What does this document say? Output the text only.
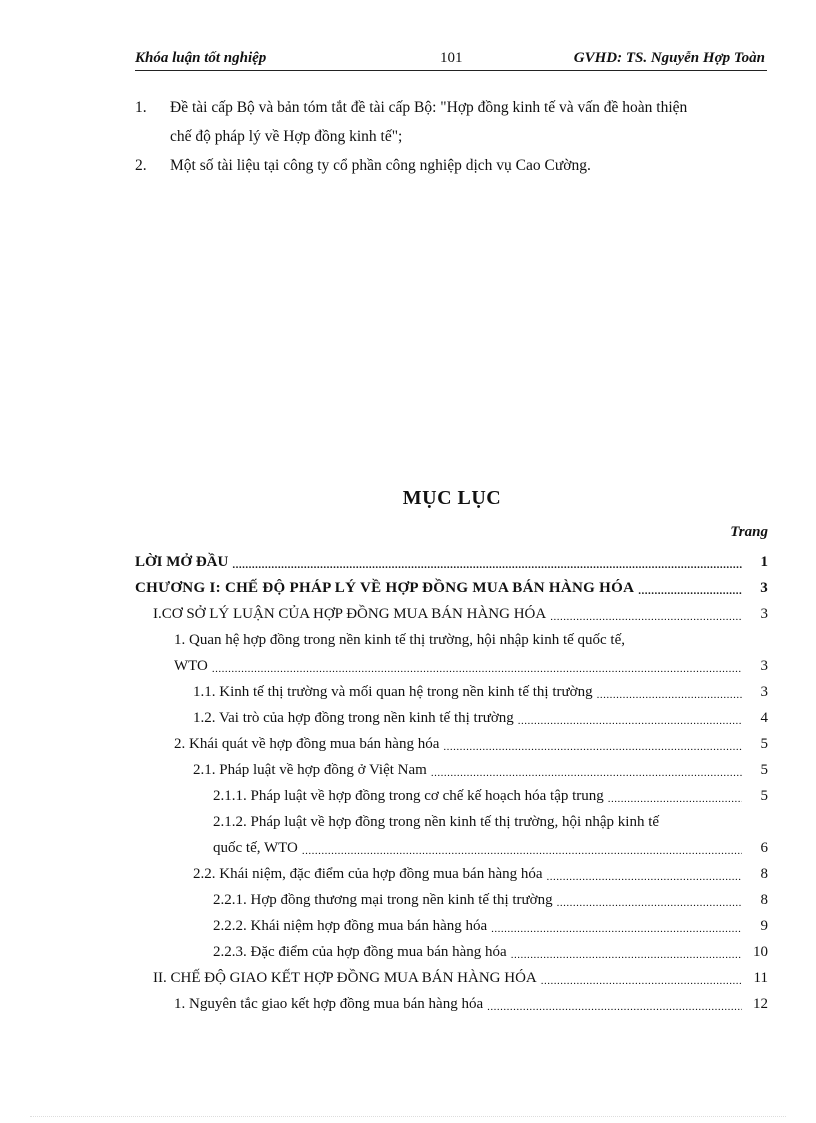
Khóa luận tốt nghiệp	101	GVHD: TS. Nguyễn Hợp Toàn
1. Đề tài cấp Bộ và bản tóm tắt đề tài cấp Bộ: "Hợp đồng kinh tế và vấn đề hoàn thiện
chế độ pháp lý về Hợp đồng kinh tế";
2. Một số tài liệu tại công ty cổ phần công nghiệp dịch vụ Cao Cường.
MỤC LỤC
Trang
LỜI MỞ ĐẦU .....	1
CHƯƠNG I: CHẾ ĐỘ PHÁP LÝ VỀ HỢP ĐỒNG MUA BÁN HÀNG HÓA .....	3
I.CƠ SỞ LÝ LUẬN CỦA HỢP ĐỒNG MUA BÁN HÀNG HÓA .....	3
1. Quan hệ hợp đồng trong nền kinh tế thị trường, hội nhập kinh tế quốc tế,
WTO .....	3
1.1. Kinh tế thị trường và mối quan hệ trong nền kinh tế thị trường .....	3
1.2. Vai trò của hợp đồng trong nền kinh tế thị trường .....	4
2. Khái quát về hợp đồng mua bán hàng hóa .....	5
2.1. Pháp luật về hợp đồng ở Việt Nam .....	5
2.1.1. Pháp luật về hợp đồng trong cơ chế kế hoạch hóa tập trung .....	5
2.1.2. Pháp luật về hợp đồng trong nền kinh tế thị trường, hội nhập kinh tế
quốc tế, WTO .....	6
2.2. Khái niệm, đặc điểm của hợp đồng mua bán hàng hóa .....	8
2.2.1. Hợp đồng thương mại trong nền kinh tế thị trường .....	8
2.2.2. Khái niệm hợp đồng mua bán hàng hóa .....	9
2.2.3. Đặc điểm của hợp đồng mua bán hàng hóa .....	10
II. CHẾ ĐỘ GIAO KẾT HỢP ĐỒNG MUA BÁN HÀNG HÓA .....	11
1. Nguyên tắc giao kết hợp đồng mua bán hàng hóa .....	12
